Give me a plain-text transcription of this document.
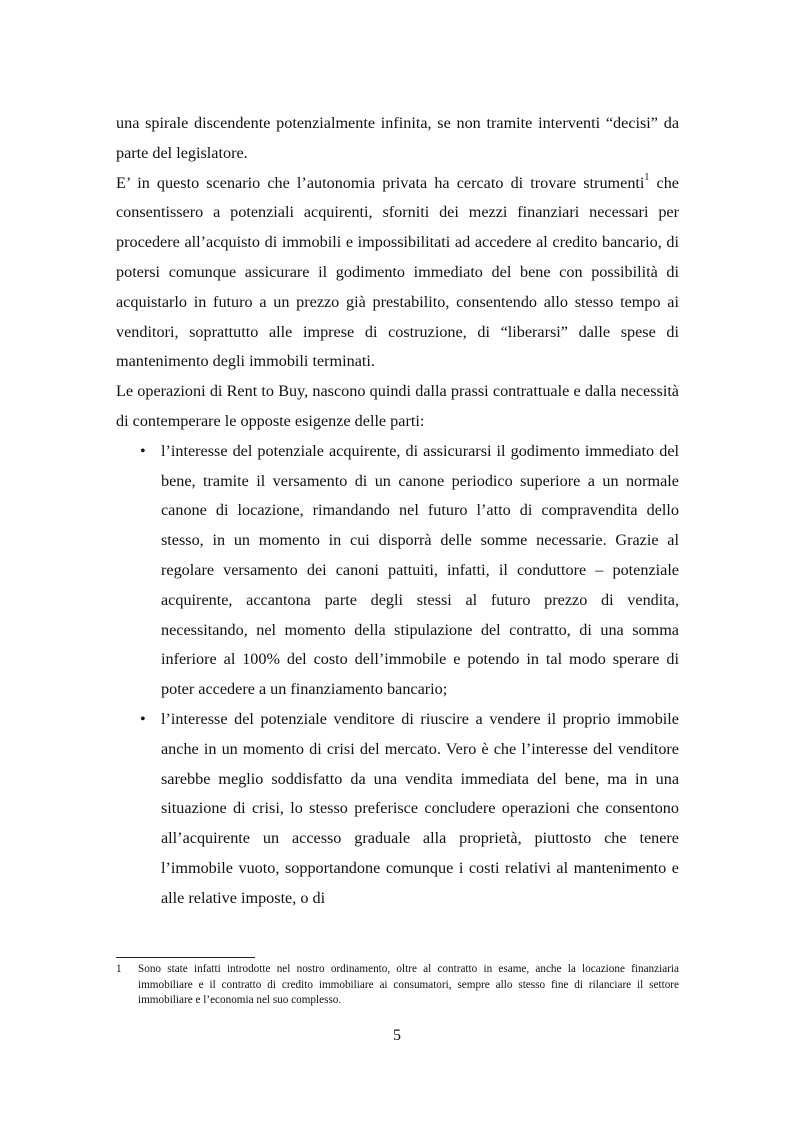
una spirale discendente potenzialmente infinita, se non tramite interventi “decisi” da parte del legislatore.

E’ in questo scenario che l’autonomia privata ha cercato di trovare strumenti$^1$ che consentissero a potenziali acquirenti, sforniti dei mezzi finanziari necessari per procedere all’acquisto di immobili e impossibilitati ad accedere al credito bancario, di potersi comunque assicurare il godimento immediato del bene con possibilità di acquistarlo in futuro a un prezzo già prestabilito, consentendo allo stesso tempo ai venditori, soprattutto alle imprese di costruzione, di “liberarsi” dalle spese di mantenimento degli immobili terminati.

Le operazioni di Rent to Buy, nascono quindi dalla prassi contrattuale e dalla necessità di contemperare le opposte esigenze delle parti:

• l’interesse del potenziale acquirente, di assicurarsi il godimento immediato del bene, tramite il versamento di un canone periodico superiore a un normale canone di locazione, rimandando nel futuro l’atto di compravendita dello stesso, in un momento in cui disporrà delle somme necessarie. Grazie al regolare versamento dei canoni pattuiti, infatti, il conduttore – potenziale acquirente, accantona parte degli stessi al futuro prezzo di vendita, necessitando, nel momento della stipulazione del contratto, di una somma inferiore al 100% del costo dell’immobile e potendo in tal modo sperare di poter accedere a un finanziamento bancario;
• l’interesse del potenziale venditore di riuscire a vendere il proprio immobile anche in un momento di crisi del mercato. Vero è che l’interesse del venditore sarebbe meglio soddisfatto da una vendita immediata del bene, ma in una situazione di crisi, lo stesso preferisce concludere operazioni che consentono all’acquirente un accesso graduale alla proprietà, piuttosto che tenere l’immobile vuoto, sopportandone comunque i costi relativi al mantenimento e alle relative imposte, o di
1 Sono state infatti introdotte nel nostro ordinamento, oltre al contratto in esame, anche la locazione finanziaria immobiliare e il contratto di credito immobiliare ai consumatori, sempre allo stesso fine di rilanciare il settore immobiliare e l’economia nel suo complesso.
5
